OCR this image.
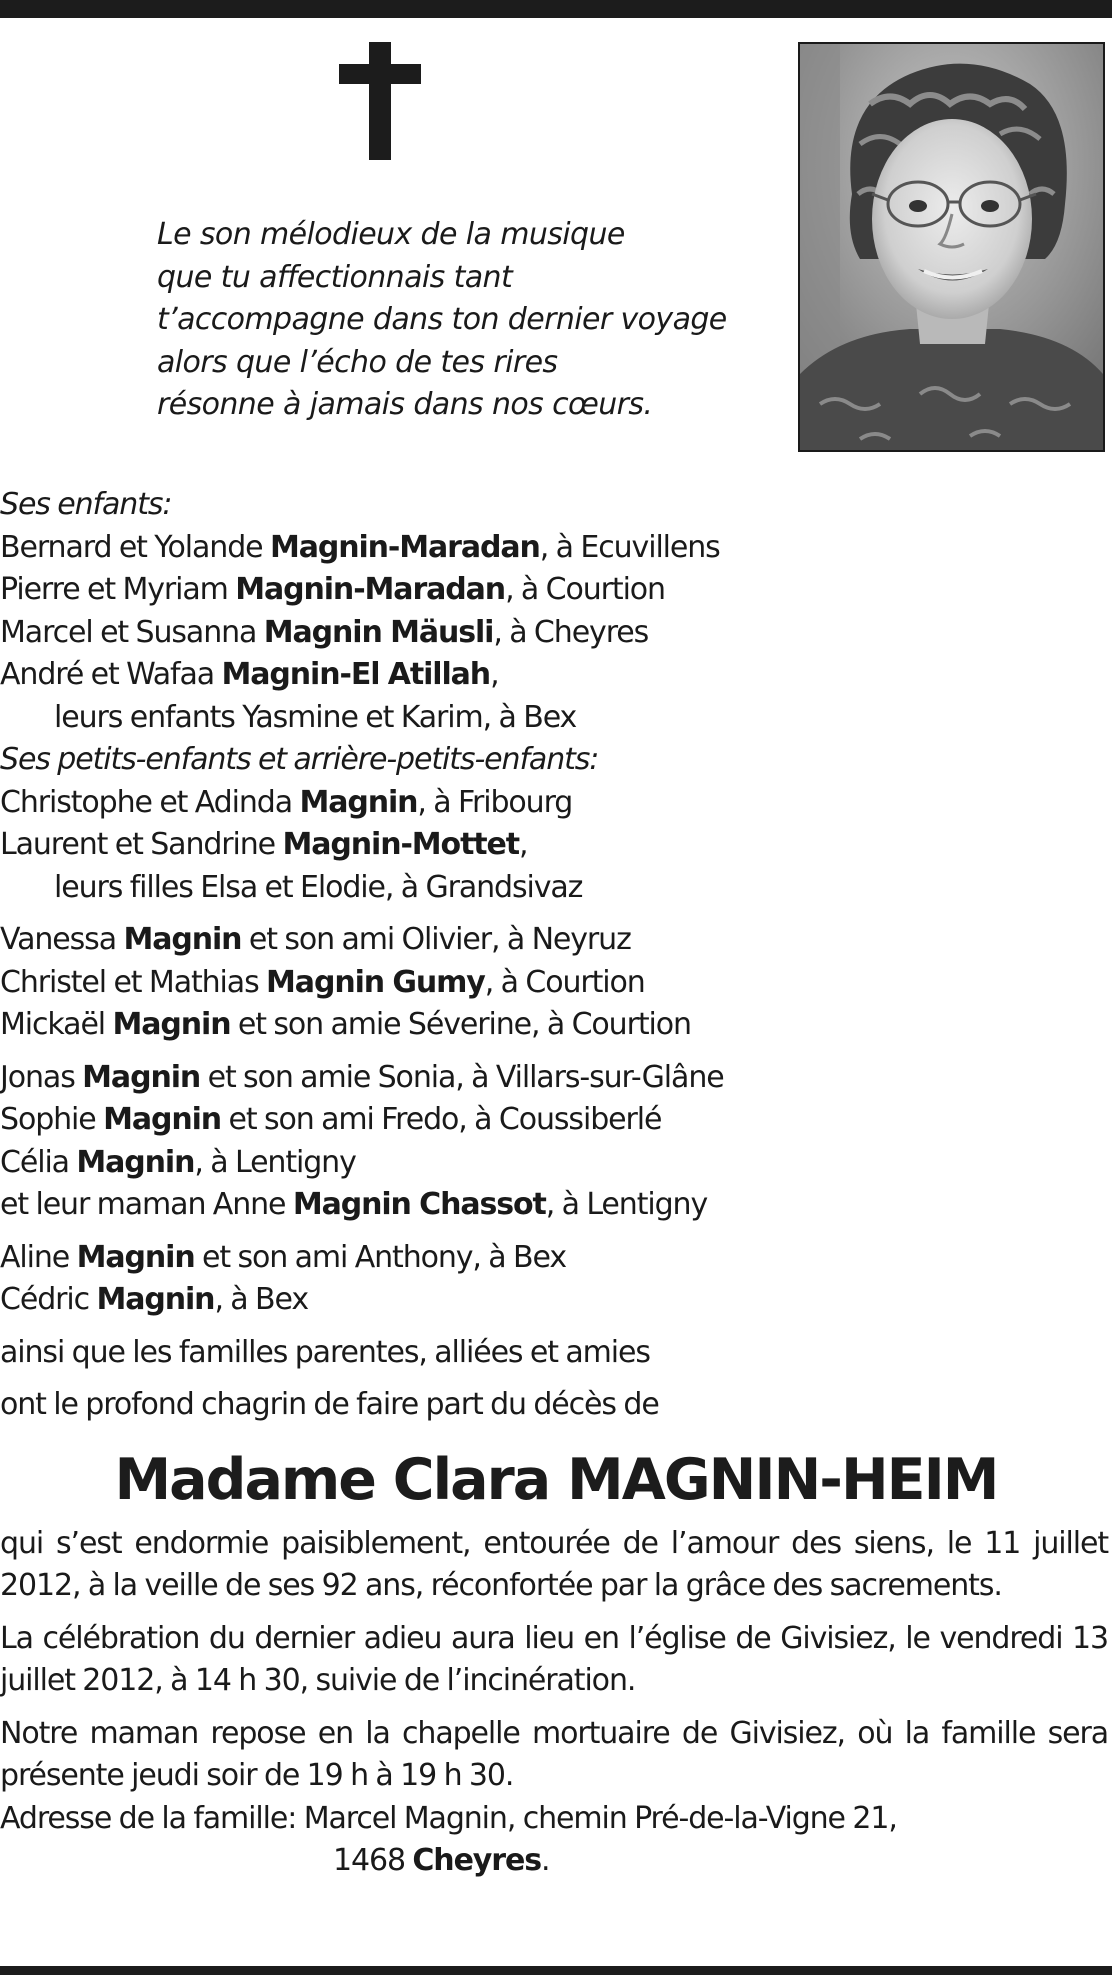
Le son mélodieux de la musique
que tu affectionnais tant
t’accompagne dans ton dernier voyage
alors que l’écho de tes rires
résonne à jamais dans nos cœurs.
Ses enfants:
Bernard et Yolande Magnin-Maradan, à Ecuvillens
Pierre et Myriam Magnin-Maradan, à Courtion
Marcel et Susanna Magnin Mäusli, à Cheyres
André et Wafaa Magnin-El Atillah,
leurs enfants Yasmine et Karim, à Bex
Ses petits-enfants et arrière-petits-enfants:
Christophe et Adinda Magnin, à Fribourg
Laurent et Sandrine Magnin-Mottet,
leurs filles Elsa et Elodie, à Grandsivaz
Vanessa Magnin et son ami Olivier, à Neyruz
Christel et Mathias Magnin Gumy, à Courtion
Mickaël Magnin et son amie Séverine, à Courtion
Jonas Magnin et son amie Sonia, à Villars-sur-Glâne
Sophie Magnin et son ami Fredo, à Coussiberlé
Célia Magnin, à Lentigny
et leur maman Anne Magnin Chassot, à Lentigny
Aline Magnin et son ami Anthony, à Bex
Cédric Magnin, à Bex
ainsi que les familles parentes, alliées et amies
ont le profond chagrin de faire part du décès de
Madame Clara MAGNIN-HEIM
qui s’est endormie paisiblement, entourée de l’amour des siens, le 11 juillet 2012, à la veille de ses 92 ans, réconfortée par la grâce des sacrements.
La célébration du dernier adieu aura lieu en l’église de Givisiez, le vendredi 13 juillet 2012, à 14 h 30, suivie de l’incinération.
Notre maman repose en la chapelle mortuaire de Givisiez, où la famille sera présente jeudi soir de 19 h à 19 h 30.
Adresse de la famille: Marcel Magnin, chemin Pré-de-la-Vigne 21,
1468 Cheyres.
